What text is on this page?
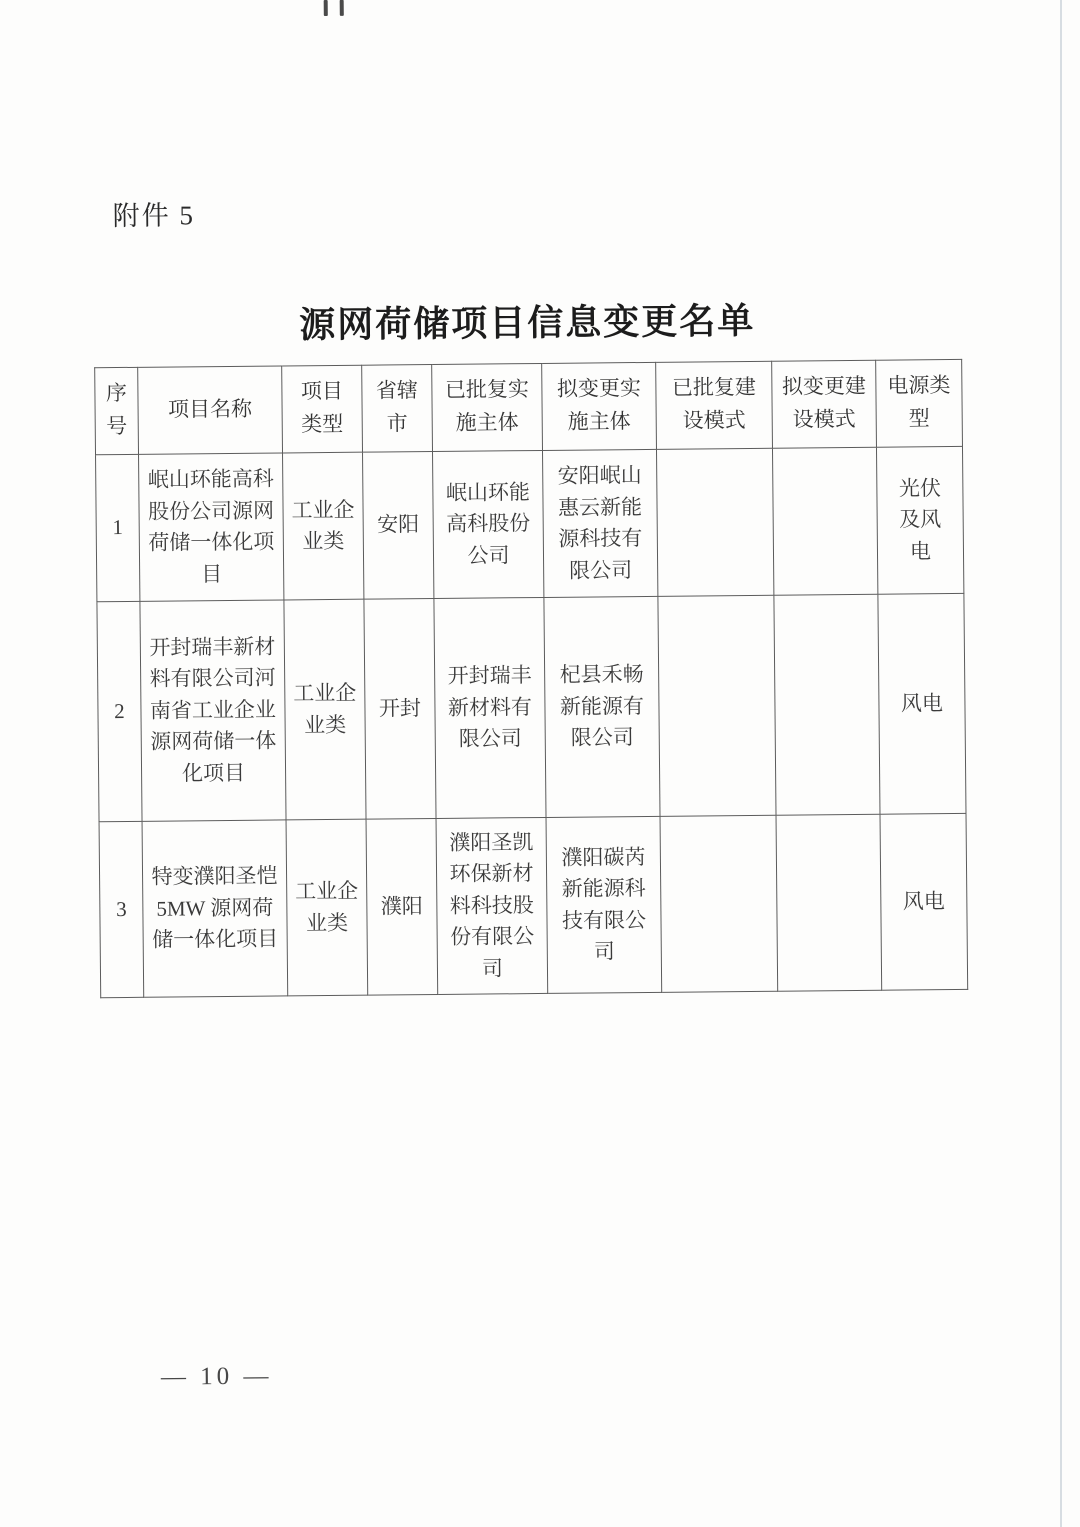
附件 5
源网荷储项目信息变更名单
序号	项目名称	项目类型	省辖市	已批复实施主体	拟变更实施主体	已批复建设模式	拟变更建设模式	电源类型
1	岷山环能高科股份公司源网荷储一体化项目	工业企业类	安阳	岷山环能高科股份公司	安阳岷山惠云新能源科技有限公司			光伏及风电
2	开封瑞丰新材料有限公司河南省工业企业源网荷储一体化项目	工业企业类	开封	开封瑞丰新材料有限公司	杞县禾畅新能源有限公司			风电
3	特变濮阳圣恺 5MW 源网荷储一体化项目	工业企业类	濮阳	濮阳圣凯环保新材料科技股份有限公司	濮阳碳芮新能源科技有限公司			风电
— 10 —
